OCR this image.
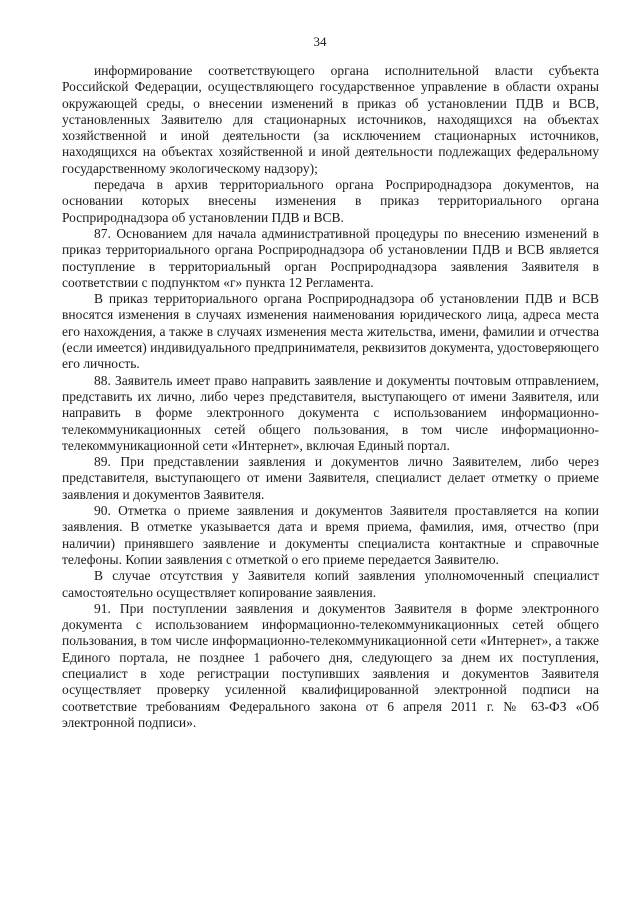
34

информирование соответствующего органа исполнительной власти субъекта Российской Федерации, осуществляющего государственное управление в области охраны окружающей среды, о внесении изменений в приказ об установлении ПДВ и ВСВ, установленных Заявителю для стационарных источников, находящихся на объектах хозяйственной и иной деятельности (за исключением стационарных источников, находящихся на объектах хозяйственной и иной деятельности подлежащих федеральному государственному экологическому надзору);

передача в архив территориального органа Росприроднадзора документов, на основании которых внесены изменения в приказ территориального органа Росприроднадзора об установлении ПДВ и ВСВ.

87. Основанием для начала административной процедуры по внесению изменений в приказ территориального органа Росприроднадзора об установлении ПДВ и ВСВ является поступление в территориальный орган Росприроднадзора заявления Заявителя в соответствии с подпунктом «г» пункта 12 Регламента.

В приказ территориального органа Росприроднадзора об установлении ПДВ и ВСВ вносятся изменения в случаях изменения наименования юридического лица, адреса места его нахождения, а также в случаях изменения места жительства, имени, фамилии и отчества (если имеется) индивидуального предпринимателя, реквизитов документа, удостоверяющего его личность.

88. Заявитель имеет право направить заявление и документы почтовым отправлением, представить их лично, либо через представителя, выступающего от имени Заявителя, или направить в форме электронного документа с использованием информационно-телекоммуникационных сетей общего пользования, в том числе информационно-телекоммуникационной сети «Интернет», включая Единый портал.

89. При представлении заявления и документов лично Заявителем, либо через представителя, выступающего от имени Заявителя, специалист делает отметку о приеме заявления и документов Заявителя.

90. Отметка о приеме заявления и документов Заявителя проставляется на копии заявления. В отметке указывается дата и время приема, фамилия, имя, отчество (при наличии) принявшего заявление и документы специалиста контактные и справочные телефоны. Копии заявления с отметкой о его приеме передается Заявителю.

В случае отсутствия у Заявителя копий заявления уполномоченный специалист самостоятельно осуществляет копирование заявления.

91. При поступлении заявления и документов Заявителя в форме электронного документа с использованием информационно-телекоммуникационных сетей общего пользования, в том числе информационно-телекоммуникационной сети «Интернет», а также Единого портала, не позднее 1 рабочего дня, следующего за днем их поступления, специалист в ходе регистрации поступивших заявления и документов Заявителя осуществляет проверку усиленной квалифицированной электронной подписи на соответствие требованиям Федерального закона от 6 апреля 2011 г. № 63-ФЗ «Об электронной подписи».
